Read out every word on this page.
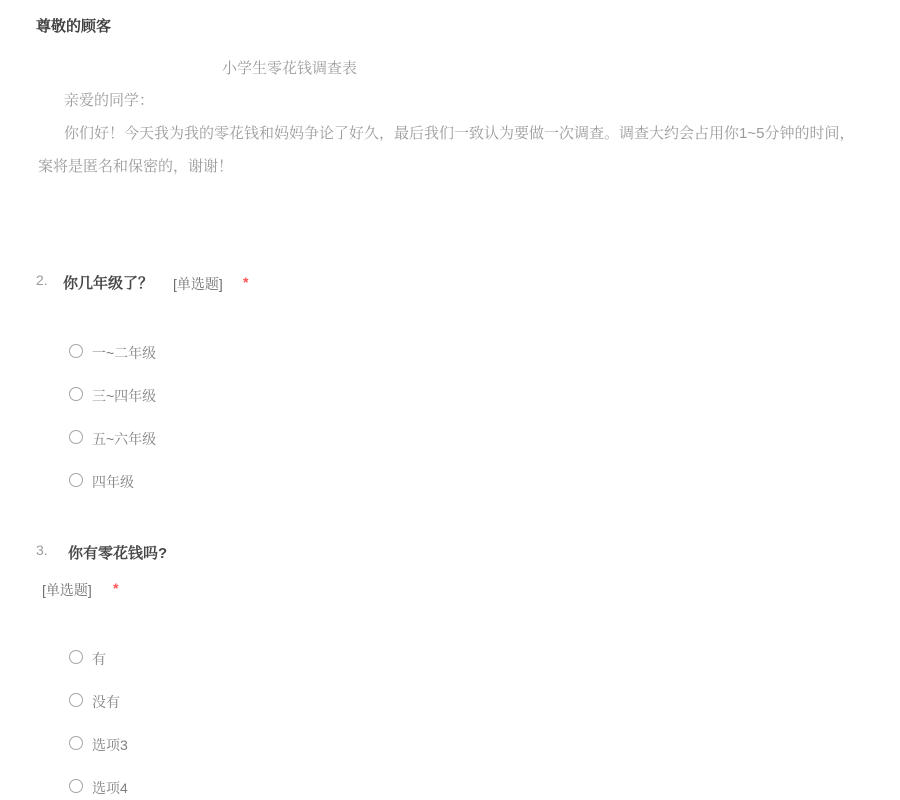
尊敬的顾客
小学生零花钱调查表
亲爱的同学：
你们好！今天我为我的零花钱和妈妈争论了好久，最后我们一致认为要做一次调查。调查大约会占用你1~5分钟的时间，
案将是匿名和保密的，谢谢！
2. 你几年级了？ [单选题] *
一~二年级
三~四年级
五~六年级
四年级
3. 你有零花钱吗?
[单选题] *
有
没有
选项3
选项4
